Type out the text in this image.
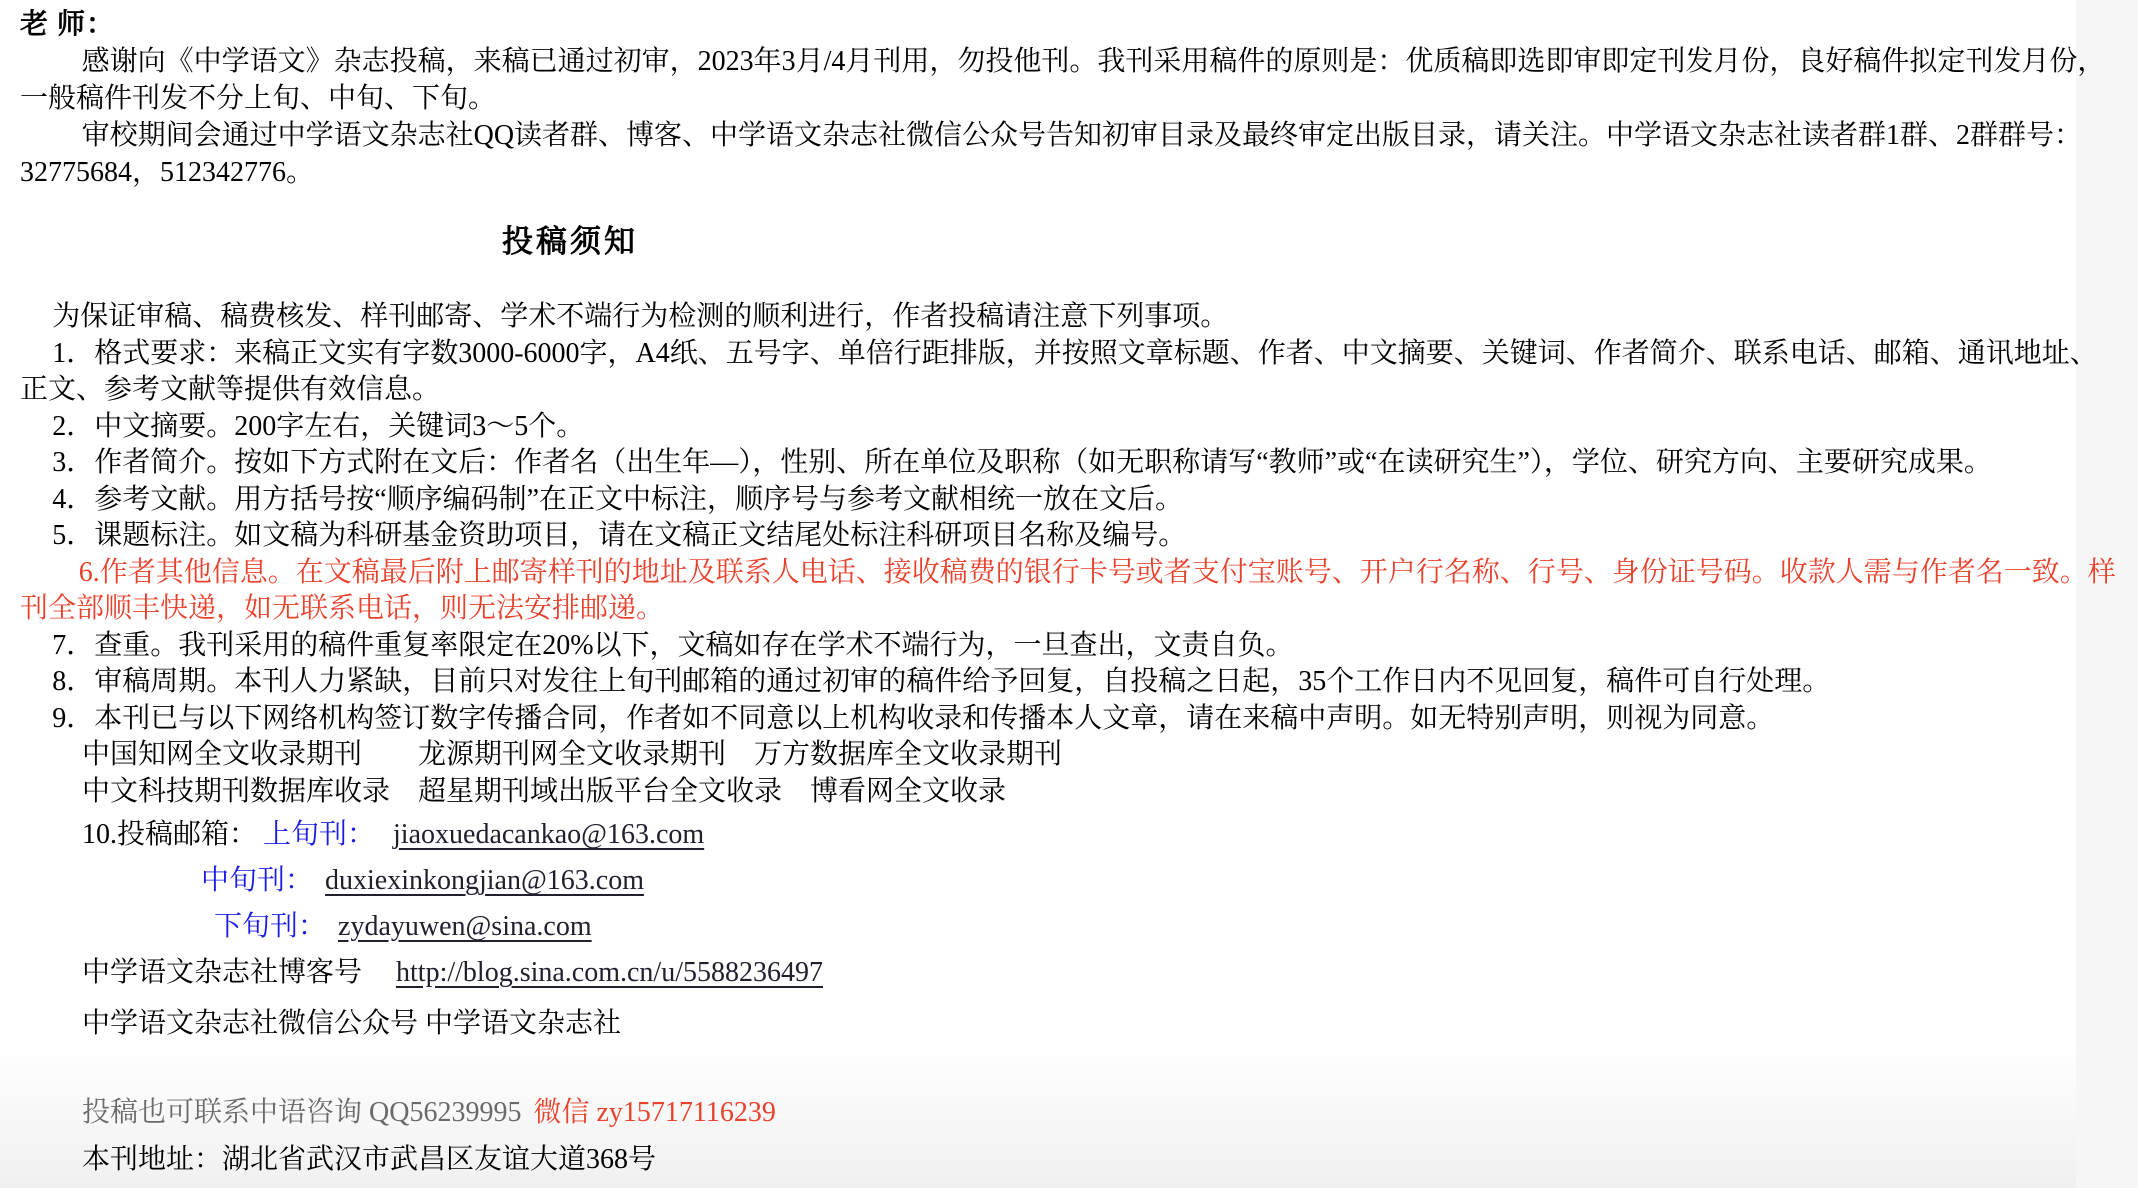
老 师：
感谢向《中学语文》杂志投稿，来稿已通过初审，2023年3月/4月刊用，勿投他刊。我刊采用稿件的原则是：优质稿即选即审即定刊发月份，良好稿件拟定刊发月份，一般稿件刊发不分上旬、中旬、下旬。
审校期间会通过中学语文杂志社QQ读者群、博客、中学语文杂志社微信公众号告知初审目录及最终审定出版目录，请关注。中学语文杂志社读者群1群、2群群号：32775684，512342776。
投稿须知
为保证审稿、稿费核发、样刊邮寄、学术不端行为检测的顺利进行，作者投稿请注意下列事项。
1．格式要求：来稿正文实有字数3000-6000字，A4纸、五号字、单倍行距排版，并按照文章标题、作者、中文摘要、关键词、作者简介、联系电话、邮箱、通讯地址、正文、参考文献等提供有效信息。
2．中文摘要。200字左右，关键词3～5个。
3．作者简介。按如下方式附在文后：作者名（出生年—），性别、所在单位及职称（如无职称请写“教师”或“在读研究生”），学位、研究方向、主要研究成果。
4．参考文献。用方括号按“顺序编码制”在正文中标注，顺序号与参考文献相统一放在文后。
5．课题标注。如文稿为科研基金资助项目，请在文稿正文结尾处标注科研项目名称及编号。
6.作者其他信息。在文稿最后附上邮寄样刊的地址及联系人电话、接收稿费的银行卡号或者支付宝账号、开户行名称、行号、身份证号码。收款人需与作者名一致。样刊全部顺丰快递，如无联系电话，则无法安排邮递。
7．查重。我刊采用的稿件重复率限定在20%以下，文稿如存在学术不端行为，一旦查出，文责自负。
8．审稿周期。本刊人力紧缺，目前只对发往上旬刊邮箱的通过初审的稿件给予回复，自投稿之日起，35个工作日内不见回复，稿件可自行处理。
9．本刊已与以下网络机构签订数字传播合同，作者如不同意以上机构收录和传播本人文章，请在来稿中声明。如无特别声明，则视为同意。
中国知网全文收录期刊　　龙源期刊网全文收录期刊　万方数据库全文收录期刊
中文科技期刊数据库收录　超星期刊域出版平台全文收录　博看网全文收录
10.投稿邮箱： 上旬刊： jiaoxuedacankao@163.com
中旬刊： duxiexinkongjian@163.com
下旬刊： zydayuwen@sina.com
中学语文杂志社博客号 http://blog.sina.com.cn/u/5588236497
中学语文杂志社微信公众号 中学语文杂志社
投稿也可联系中语咨询 QQ56239995 微信 zy15717116239
本刊地址：湖北省武汉市武昌区友谊大道368号
